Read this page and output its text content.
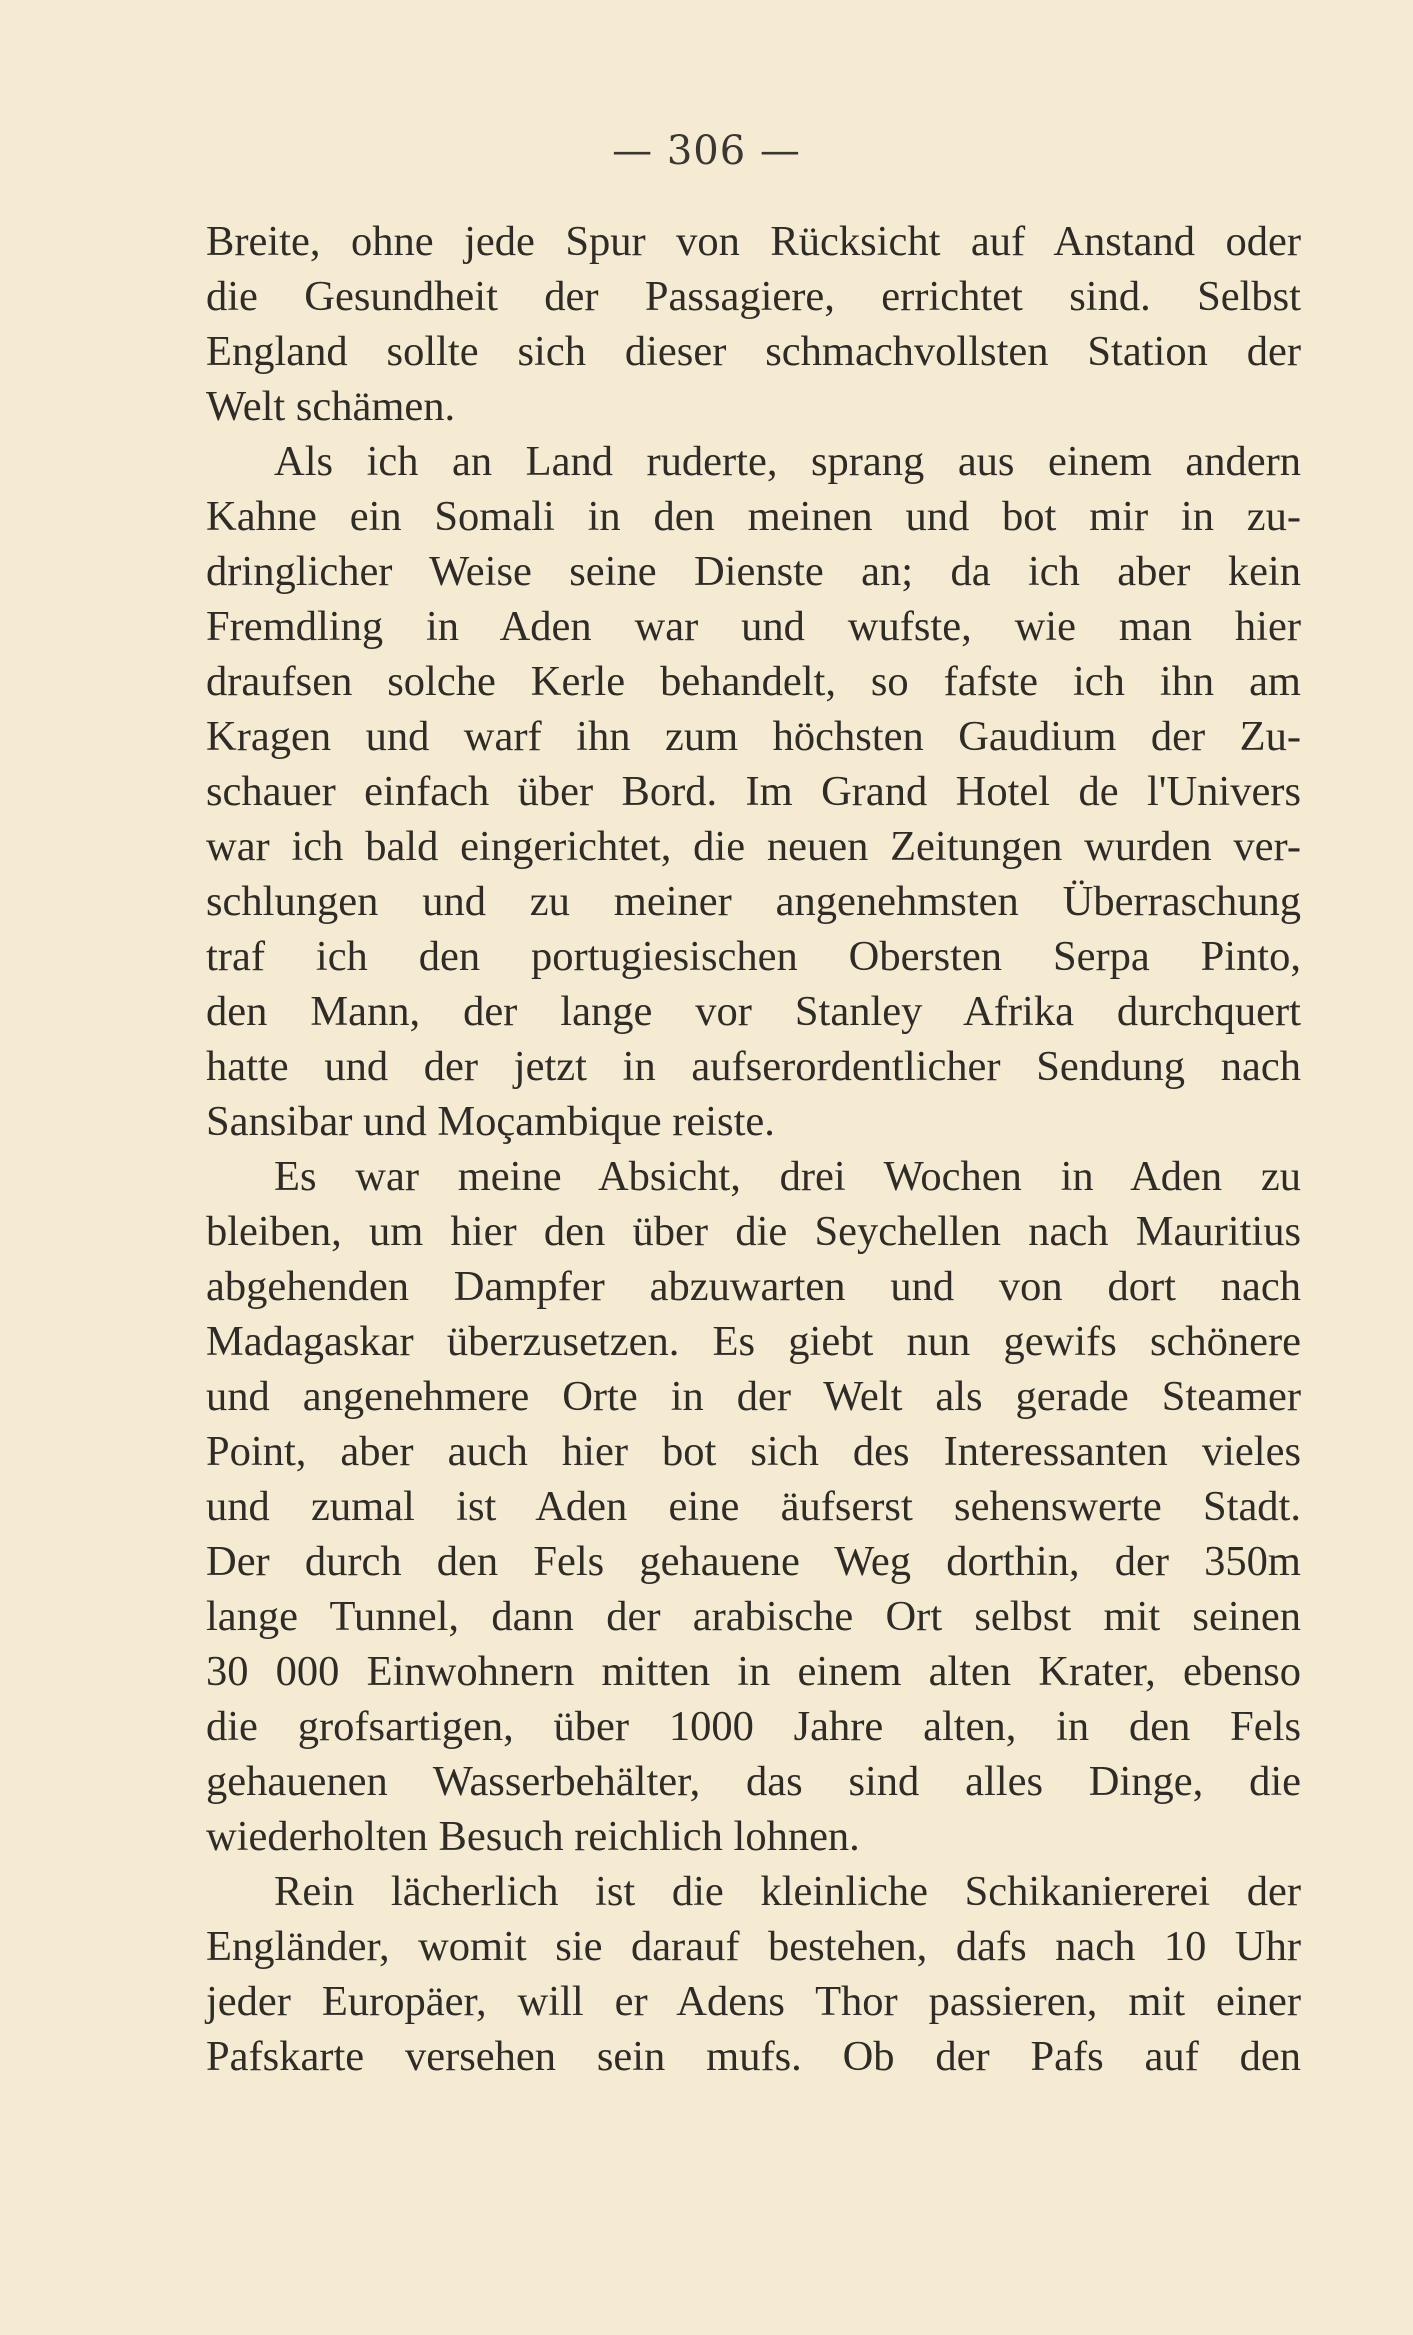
— 306 —
Breite, ohne jede Spur von Rücksicht auf Anstand oder
die Gesundheit der Passagiere, errichtet sind. Selbst
England sollte sich dieser schmachvollsten Station der
Welt schämen.
Als ich an Land ruderte, sprang aus einem andern
Kahne ein Somali in den meinen und bot mir in zu-
dringlicher Weise seine Dienste an; da ich aber kein
Fremdling in Aden war und wufste, wie man hier
draufsen solche Kerle behandelt, so fafste ich ihn am
Kragen und warf ihn zum höchsten Gaudium der Zu-
schauer einfach über Bord. Im Grand Hotel de l'Univers
war ich bald eingerichtet, die neuen Zeitungen wurden ver-
schlungen und zu meiner angenehmsten Überraschung
traf ich den portugiesischen Obersten Serpa Pinto,
den Mann, der lange vor Stanley Afrika durchquert
hatte und der jetzt in aufserordentlicher Sendung nach
Sansibar und Moçambique reiste.
Es war meine Absicht, drei Wochen in Aden zu
bleiben, um hier den über die Seychellen nach Mauritius
abgehenden Dampfer abzuwarten und von dort nach
Madagaskar überzusetzen. Es giebt nun gewifs schönere
und angenehmere Orte in der Welt als gerade Steamer
Point, aber auch hier bot sich des Interessanten vieles
und zumal ist Aden eine äufserst sehenswerte Stadt.
Der durch den Fels gehauene Weg dorthin, der 350m
lange Tunnel, dann der arabische Ort selbst mit seinen
30 000 Einwohnern mitten in einem alten Krater, ebenso
die grofsartigen, über 1000 Jahre alten, in den Fels
gehauenen Wasserbehälter, das sind alles Dinge, die
wiederholten Besuch reichlich lohnen.
Rein lächerlich ist die kleinliche Schikaniererei der
Engländer, womit sie darauf bestehen, dafs nach 10 Uhr
jeder Europäer, will er Adens Thor passieren, mit einer
Pafskarte versehen sein mufs. Ob der Pafs auf den
